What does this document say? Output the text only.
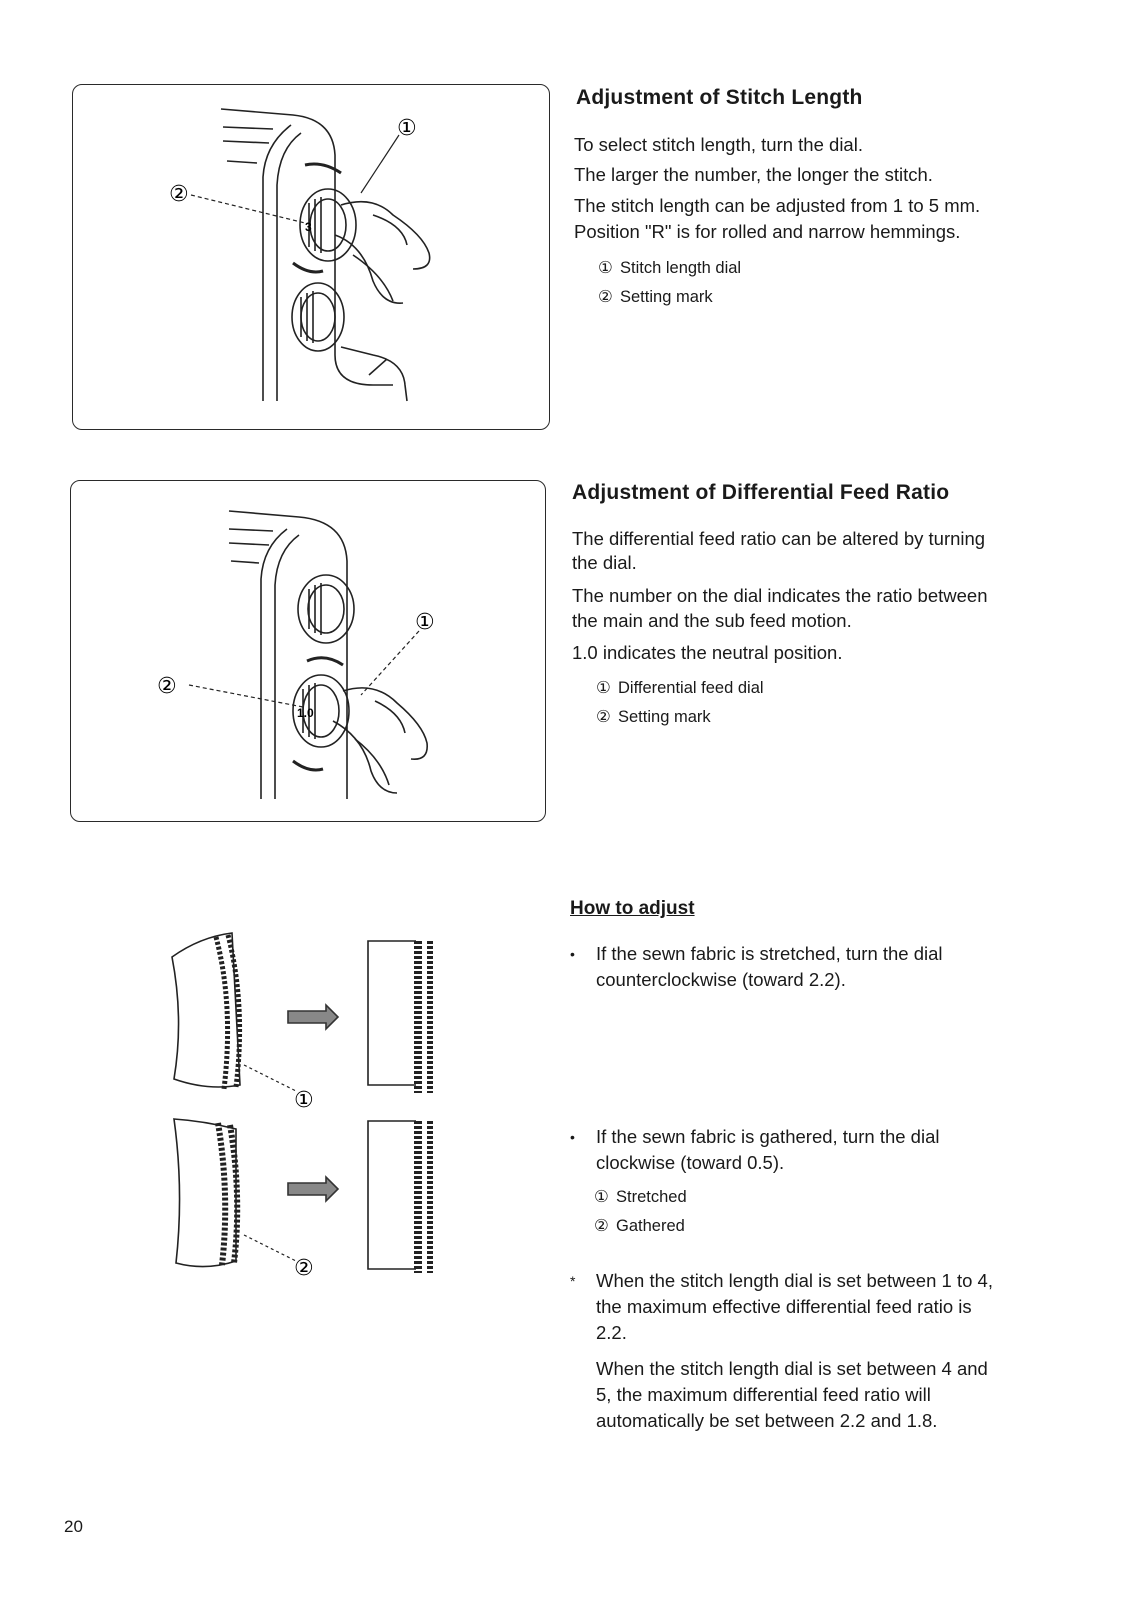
②
①
3
Adjustment of Stitch Length

To select stitch length, turn the dial.

The larger the number, the longer the stitch.

The stitch length can be adjusted from 1 to 5 mm.

Position "R" is for rolled and narrow hemmings.

① Stitch length dial
② Setting mark
②
①
1.0
Adjustment of Differential Feed Ratio

The differential feed ratio can be altered by turning

the dial.

The number on the dial indicates the ratio between

the main and the sub feed motion.

1.0 indicates the neutral position.

① Differential feed dial
② Setting mark
①
②
How to adjust
•	If the sewn fabric is stretched, turn the dial
counterclockwise (toward 2.2).
•	If the sewn fabric is gathered, turn the dial
clockwise (toward 0.5).
① Stretched
② Gathered
*	When the stitch length dial is set between 1 to 4,
the maximum effective differential feed ratio is
2.2.
When the stitch length dial is set between 4 and
5, the maximum differential feed ratio will
automatically be set between 2.2 and 1.8.
20
